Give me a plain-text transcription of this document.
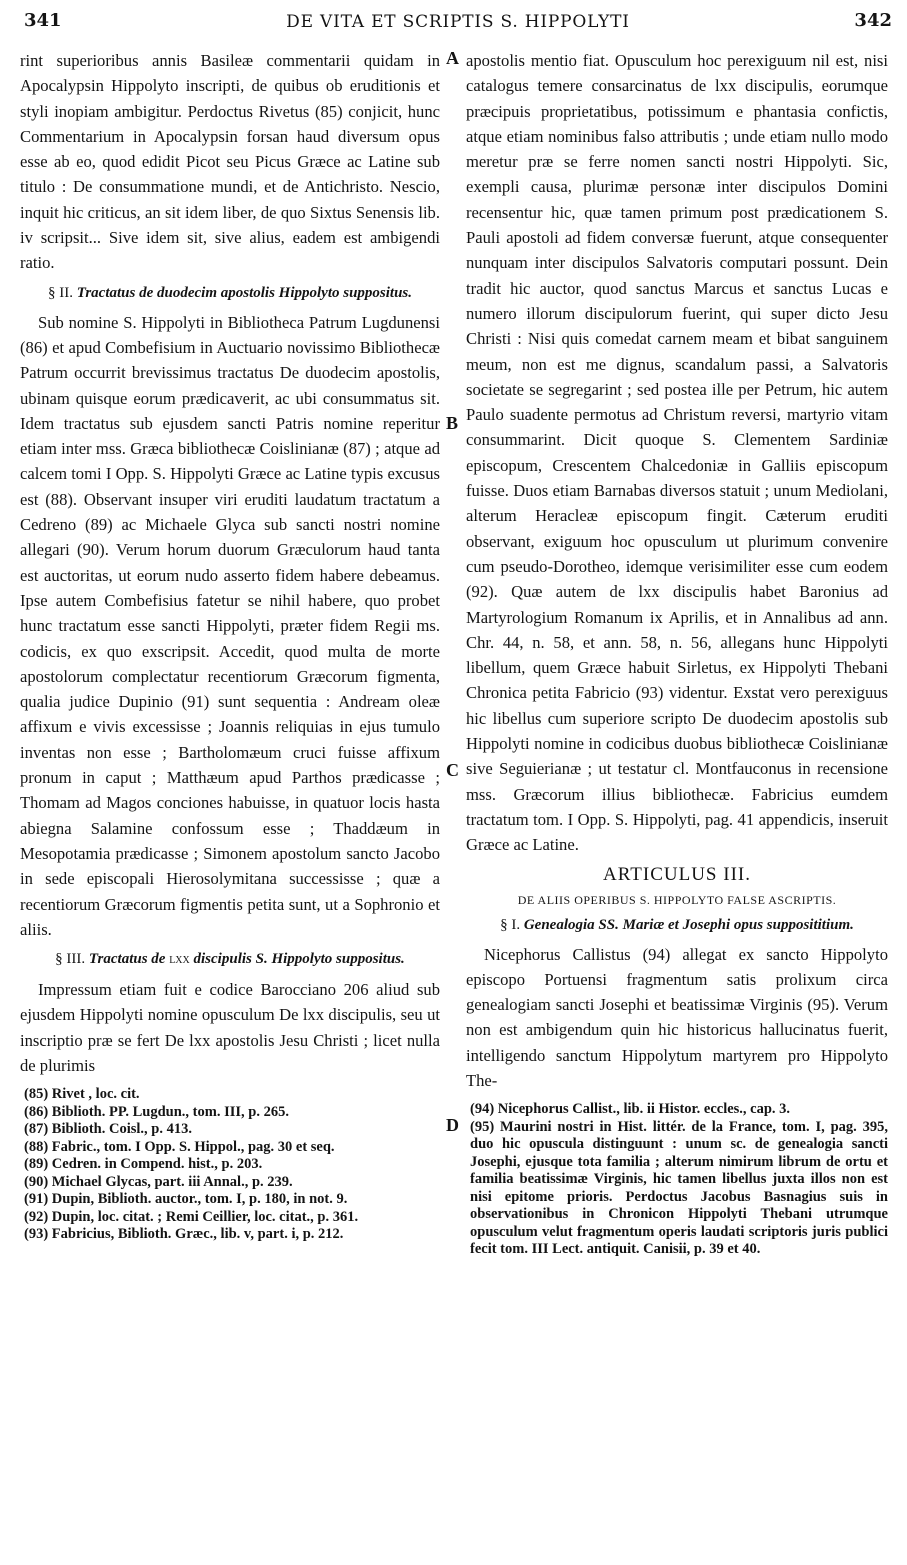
341	DE VITA ET SCRIPTIS S. HIPPOLYTI	342
A
B
C
D

rint superioribus annis Basileæ commentarii quidam in Apocalypsin Hippolyto inscripti, de quibus ob eruditionis et styli inopiam ambigitur. Perdoctus Rivetus (85) conjicit, hunc Commentarium in Apocalypsin forsan haud diversum opus esse ab eo, quod edidit Picot seu Picus Græce ac Latine sub titulo : De consummatione mundi, et de Antichristo. Nescio, inquit hic criticus, an sit idem liber, de quo Sixtus Senensis lib. iv scripsit... Sive idem sit, sive alius, eadem est ambigendi ratio.

§ II. Tractatus de duodecim apostolis Hippolyto suppositus.

Sub nomine S. Hippolyti in Bibliotheca Patrum Lugdunensi (86) et apud Combefisium in Auctuario novissimo Bibliothecæ Patrum occurrit brevissimus tractatus De duodecim apostolis, ubinam quisque eorum prædicaverit, ac ubi consummatus sit. Idem tractatus sub ejusdem sancti Patris nomine reperitur etiam inter mss. Græca bibliothecæ Coislinianæ (87) ; atque ad calcem tomi I Opp. S. Hippolyti Græce ac Latine typis excusus est (88). Observant insuper viri eruditi laudatum tractatum a Cedreno (89) ac Michaele Glyca sub sancti nostri nomine allegari (90). Verum horum duorum Græculorum haud tanta est auctoritas, ut eorum nudo asserto fidem habere debeamus. Ipse autem Combefisius fatetur se nihil habere, quo probet hunc tractatum esse sancti Hippolyti, præter fidem Regii ms. codicis, ex quo exscripsit. Accedit, quod multa de morte apostolorum complectatur recentiorum Græcorum figmenta, qualia judice Dupinio (91) sunt sequentia : Andream oleæ affixum e vivis excessisse ; Joannis reliquias in ejus tumulo inventas non esse ; Bartholomæum cruci fuisse affixum pronum in caput ; Matthæum apud Parthos prædicasse ; Thomam ad Magos conciones habuisse, in quatuor locis hasta abiegna Salamine confossum esse ; Thaddæum in Mesopotamia prædicasse ; Simonem apostolum sancto Jacobo in sede episcopali Hierosolymitana successisse ; quæ a recentiorum Græcorum figmentis petita sunt, ut a Sophronio et aliis.

§ III. Tractatus de lxx discipulis S. Hippolyto suppositus.

Impressum etiam fuit e codice Barocciano 206 aliud sub ejusdem Hippolyti nomine opusculum De lxx discipulis, seu ut inscriptio præ se fert De lxx apostolis Jesu Christi ; licet nulla de plurimis

(85) Rivet , loc. cit.
(86) Biblioth. PP. Lugdun., tom. III, p. 265.
(87) Biblioth. Coisl., p. 413.
(88) Fabric., tom. I Opp. S. Hippol., pag. 30 et seq.
(89) Cedren. in Compend. hist., p. 203.
(90) Michael Glycas, part. iii Annal., p. 239.
(91) Dupin, Biblioth. auctor., tom. I, p. 180, in not. 9.
(92) Dupin, loc. citat. ; Remi Ceillier, loc. citat., p. 361.
(93) Fabricius, Biblioth. Græc., lib. v, part. i, p. 212.

apostolis mentio fiat. Opusculum hoc perexiguum nil est, nisi catalogus temere consarcinatus de lxx discipulis, eorumque præcipuis proprietatibus, potissimum e phantasia confictis, atque etiam nominibus falso attributis ; unde etiam nullo modo meretur præ se ferre nomen sancti nostri Hippolyti. Sic, exempli causa, plurimæ personæ inter discipulos Domini recensentur hic, quæ tamen primum post prædicationem S. Pauli apostoli ad fidem conversæ fuerunt, atque consequenter nunquam inter discipulos Salvatoris computari possunt. Dein tradit hic auctor, quod sanctus Marcus et sanctus Lucas e numero illorum discipulorum fuerint, qui super dicto Jesu Christi : Nisi quis comedat carnem meam et bibat sanguinem meum, non est me dignus, scandalum passi, a Salvatoris societate se segregarint ; sed postea ille per Petrum, hic autem Paulo suadente permotus ad Christum reversi, martyrio vitam consummarint. Dicit quoque S. Clementem Sardiniæ episcopum, Crescentem Chalcedoniæ in Galliis episcopum fuisse. Duos etiam Barnabas diversos statuit ; unum Mediolani, alterum Heracleæ episcopum fingit. Cæterum eruditi observant, exiguum hoc opusculum ut plurimum convenire cum pseudo-Dorotheo, idemque verisimiliter esse cum eodem (92). Quæ autem de lxx discipulis habet Baronius ad Martyrologium Romanum ix Aprilis, et in Annalibus ad ann. Chr. 44, n. 58, et ann. 58, n. 56, allegans hunc Hippolyti libellum, quem Græce habuit Sirletus, ex Hippolyti Thebani Chronica petita Fabricio (93) videntur. Exstat vero perexiguus hic libellus cum superiore scripto De duodecim apostolis sub Hippolyti nomine in codicibus duobus bibliothecæ Coislinianæ sive Seguierianæ ; ut testatur cl. Montfauconus in recensione mss. Græcorum illius bibliothecæ. Fabricius eumdem tractatum tom. I Opp. S. Hippolyti, pag. 41 appendicis, inseruit Græce ac Latine.

ARTICULUS III.
DE ALIIS OPERIBUS S. HIPPOLYTO FALSE ASCRIPTIS.
§ I. Genealogia SS. Mariæ et Josephi opus supposititium.

Nicephorus Callistus (94) allegat ex sancto Hippolyto episcopo Portuensi fragmentum satis prolixum circa genealogiam sancti Josephi et beatissimæ Virginis (95). Verum non est ambigendum quin hic historicus hallucinatus fuerit, intelligendo sanctum Hippolytum martyrem pro Hippolyto The-

(94) Nicephorus Callist., lib. ii Histor. eccles., cap. 3.
(95) Maurini nostri in Hist. littér. de la France, tom. I, pag. 395, duo hic opuscula distinguunt : unum sc. de genealogia sancti Josephi, ejusque tota familia ; alterum nimirum librum de ortu et familia beatissimæ Virginis, hic tamen libellus juxta illos non est nisi epitome prioris. Perdoctus Jacobus Basnagius suis in observationibus in Chronicon Hippolyti Thebani utrumque opusculum velut fragmentum operis laudati scriptoris juris publici fecit tom. III Lect. antiquit. Canisii, p. 39 et 40.
